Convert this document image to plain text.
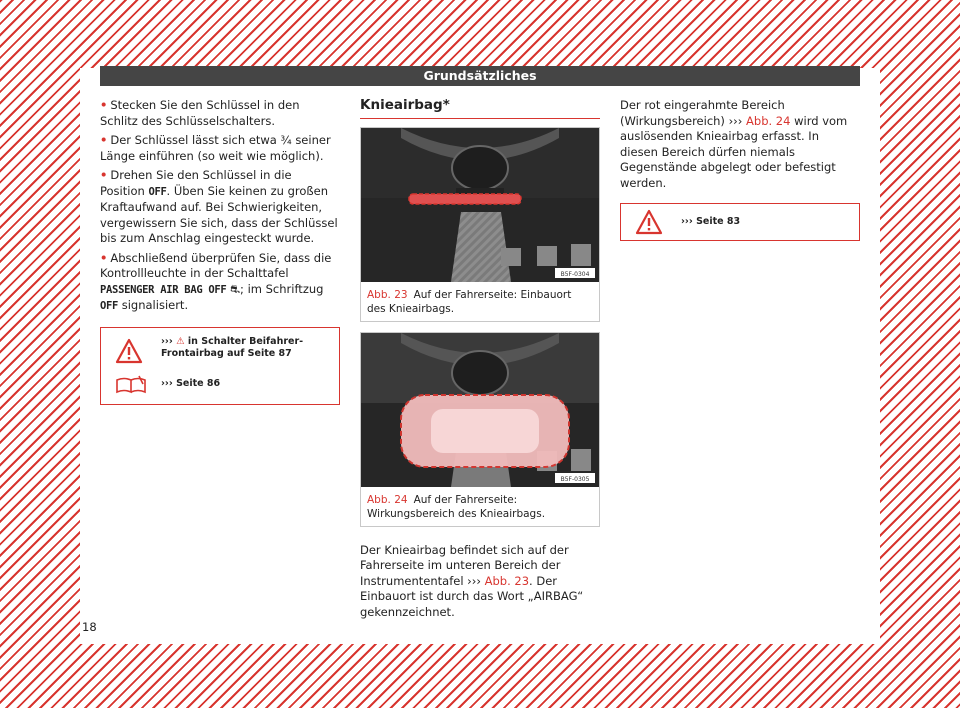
Grundsätzliches

• Stecken Sie den Schlüssel in den Schlitz des Schlüsselschalters.

• Der Schlüssel lässt sich etwa ¾ seiner Länge einführen (so weit wie möglich).

• Drehen Sie den Schlüssel in die Position OFF. Üben Sie keinen zu großen Kraftaufwand auf. Bei Schwierigkeiten, vergewissern Sie sich, dass der Schlüssel bis zum Anschlag eingesteckt wurde.

• Abschließend überprüfen Sie, dass die Kontrollleuchte in der Schalttafel PASSENGER AIR BAG OFF ⛐; im Schriftzug OFF signalisiert.

››› ⚠ in Schalter Beifahrer-Frontairbag auf Seite 87
››› Seite 86
Knieairbag*
B5F-0304
Abb. 23 Auf der Fahrerseite: Einbauort des Knieairbags.
B5F-0305
Abb. 24 Auf der Fahrerseite: Wirkungsbereich des Knieairbags.

Der Knieairbag befindet sich auf der Fahrerseite im unteren Bereich der Instrumententafel ››› Abb. 23. Der Einbauort ist durch das Wort „AIRBAG“ gekennzeichnet.

Der rot eingerahmte Bereich (Wirkungsbereich) ››› Abb. 24 wird vom auslösenden Knieairbag erfasst. In diesen Bereich dürfen niemals Gegenstände abgelegt oder befestigt werden.

››› Seite 83
18
